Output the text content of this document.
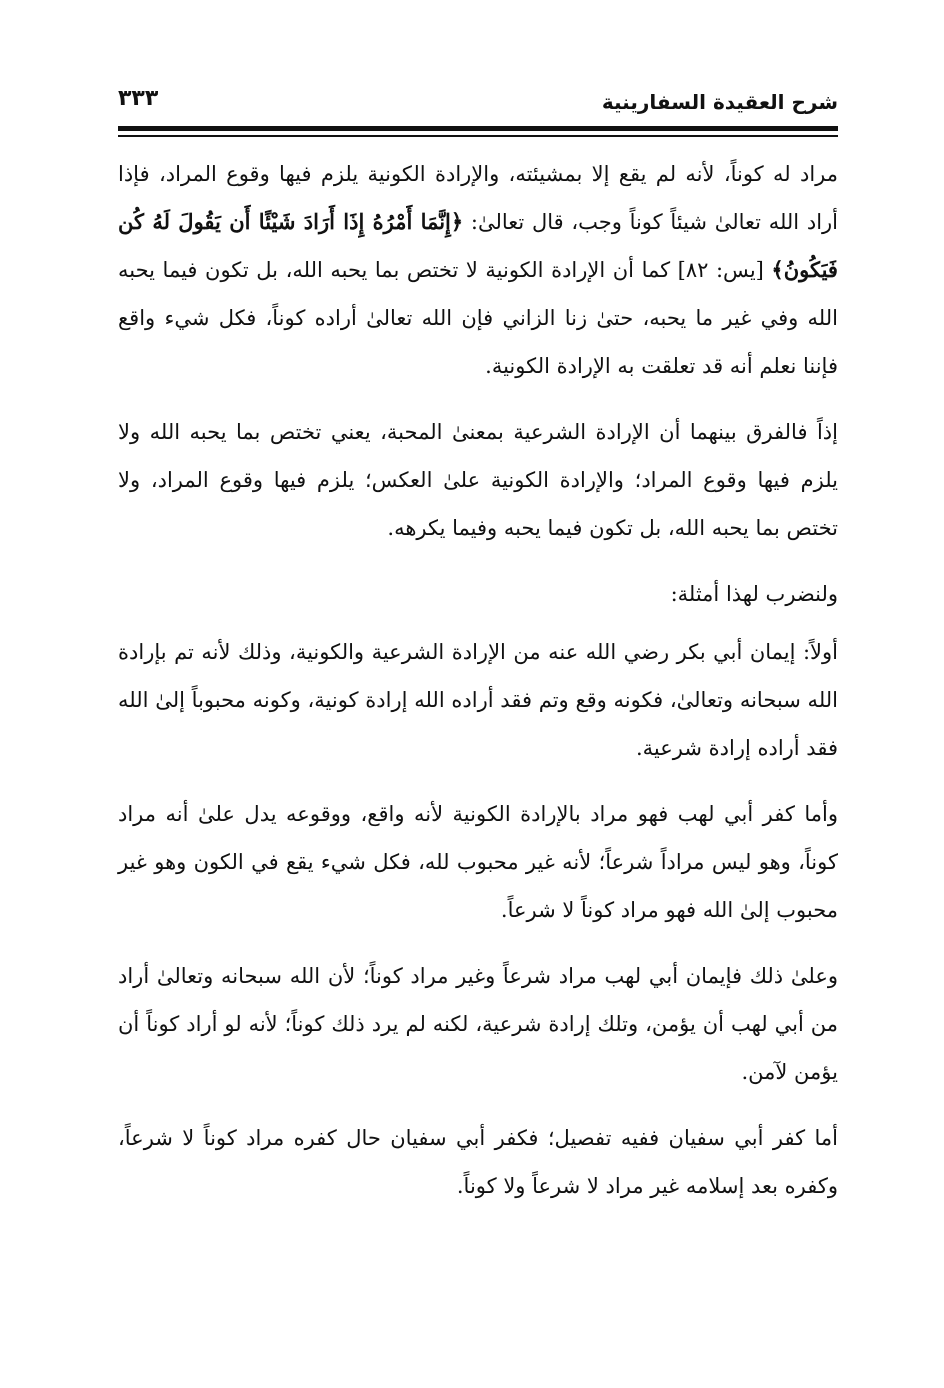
شرح العقيدة السفارينية
٣٣٣

مراد له كوناً، لأنه لم يقع إلا بمشيئته، والإرادة الكونية يلزم فيها وقوع المراد، فإذا أراد الله تعالىٰ شيئاً كوناً وجب، قال تعالىٰ: ﴿إِنَّمَا أَمْرُهُ إِذَا أَرَادَ شَيْئًا أَن يَقُولَ لَهُ كُن فَيَكُونُ﴾ [يس: ٨٢] كما أن الإرادة الكونية لا تختص بما يحبه الله، بل تكون فيما يحبه الله وفي غير ما يحبه، حتىٰ زنا الزاني فإن الله تعالىٰ أراده كوناً، فكل شيء واقع فإننا نعلم أنه قد تعلقت به الإرادة الكونية.

إذاً فالفرق بينهما أن الإرادة الشرعية بمعنىٰ المحبة، يعني تختص بما يحبه الله ولا يلزم فيها وقوع المراد؛ والإرادة الكونية علىٰ العكس؛ يلزم فيها وقوع المراد، ولا تختص بما يحبه الله، بل تكون فيما يحبه وفيما يكرهه.

ولنضرب لهذا أمثلة:

أولاً: إيمان أبي بكر رضي الله عنه من الإرادة الشرعية والكونية، وذلك لأنه تم بإرادة الله سبحانه وتعالىٰ، فكونه وقع وتم فقد أراده الله إرادة كونية، وكونه محبوباً إلىٰ الله فقد أراده إرادة شرعية.

وأما كفر أبي لهب فهو مراد بالإرادة الكونية لأنه واقع، ووقوعه يدل علىٰ أنه مراد كوناً، وهو ليس مراداً شرعاً؛ لأنه غير محبوب لله، فكل شيء يقع في الكون وهو غير محبوب إلىٰ الله فهو مراد كوناً لا شرعاً.

وعلىٰ ذلك فإيمان أبي لهب مراد شرعاً وغير مراد كوناً؛ لأن الله سبحانه وتعالىٰ أراد من أبي لهب أن يؤمن، وتلك إرادة شرعية، لكنه لم يرد ذلك كوناً؛ لأنه لو أراد كوناً أن يؤمن لآمن.

أما كفر أبي سفيان ففيه تفصيل؛ فكفر أبي سفيان حال كفره مراد كوناً لا شرعاً، وكفره بعد إسلامه غير مراد لا شرعاً ولا كوناً.
